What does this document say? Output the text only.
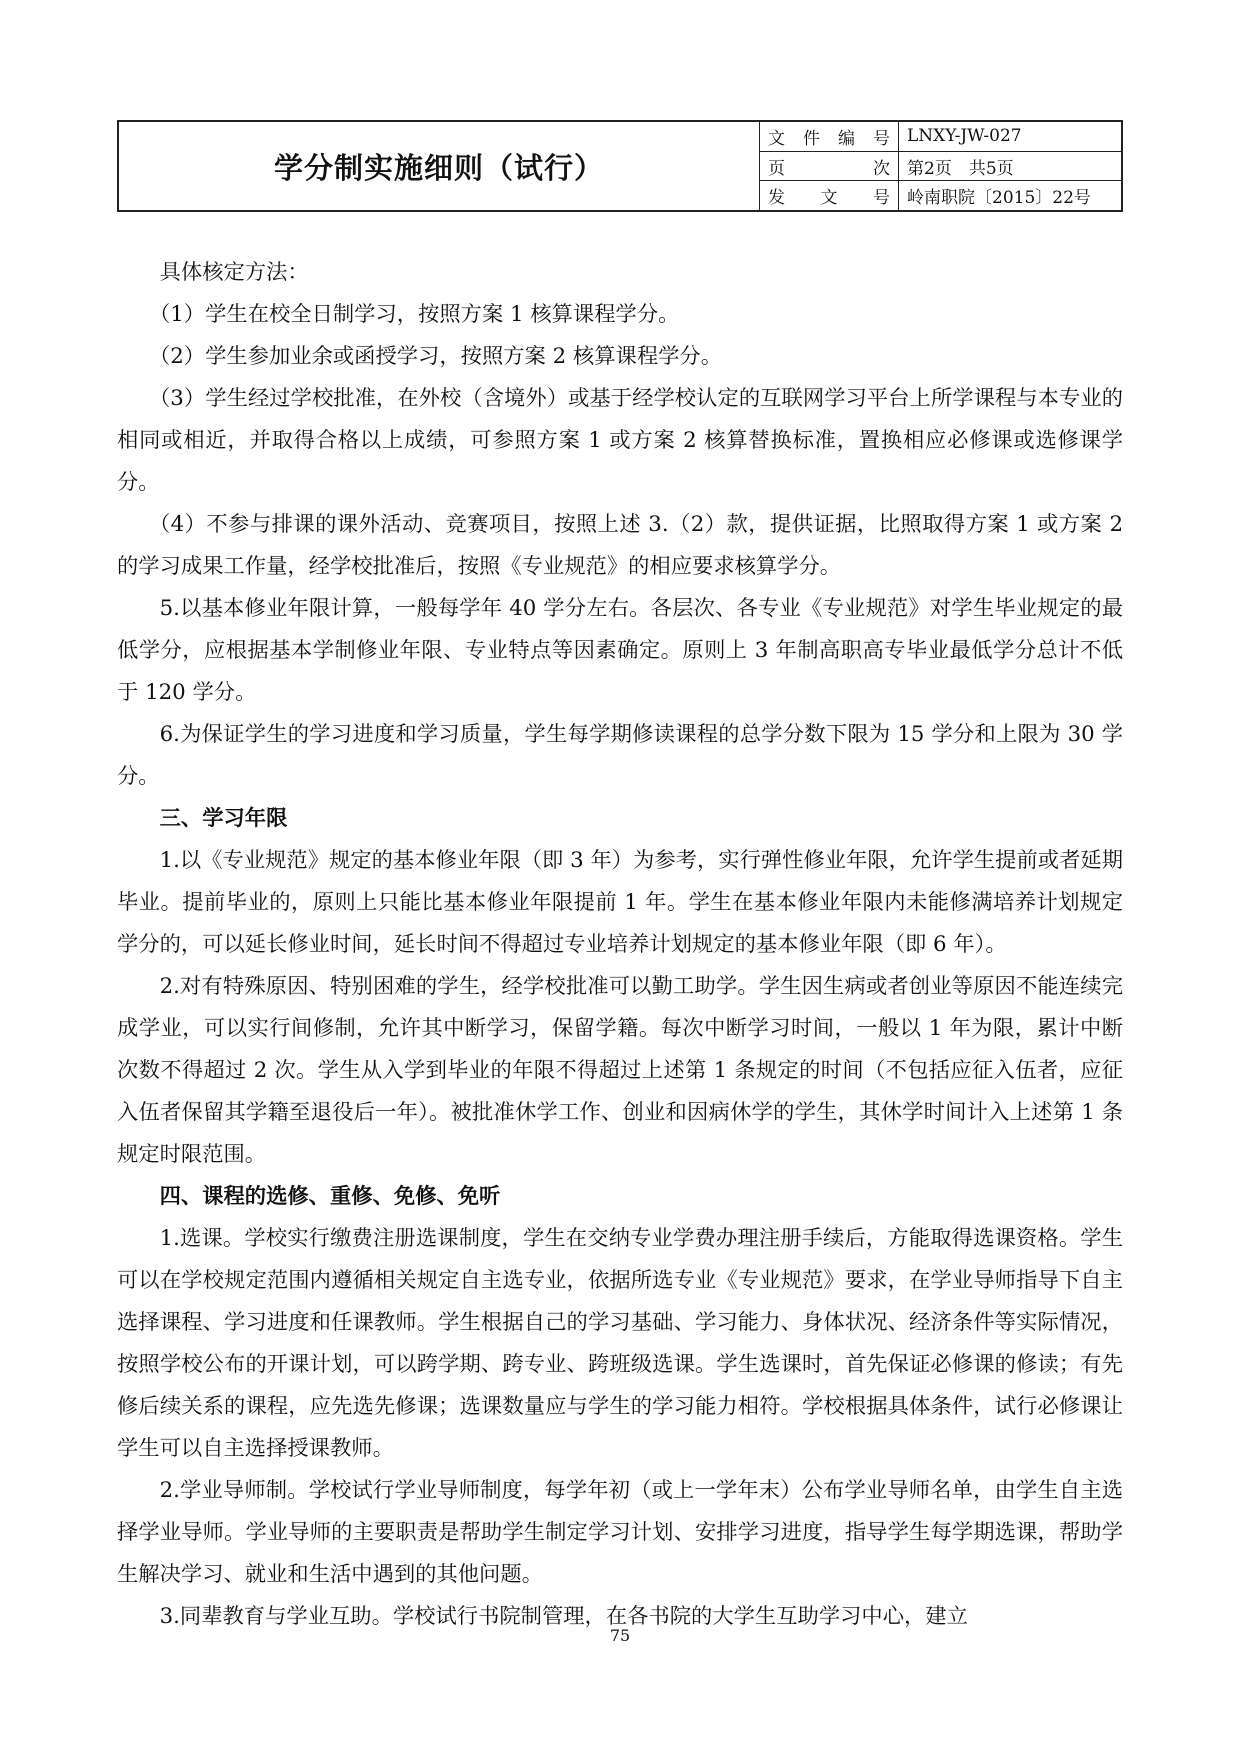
学分制实施细则（试行）
文 件 编 号	LNXY-JW-027
页	次	第2页　共5页
发 文 号	岭南职院〔2015〕22号

具体核定方法：

（1）学生在校全日制学习，按照方案 1 核算课程学分。

（2）学生参加业余或函授学习，按照方案 2 核算课程学分。

（3）学生经过学校批准，在外校（含境外）或基于经学校认定的互联网学习平台上所学课程与本专业的相同或相近，并取得合格以上成绩，可参照方案 1 或方案 2 核算替换标准，置换相应必修课或选修课学分。

（4）不参与排课的课外活动、竞赛项目，按照上述 3.（2）款，提供证据，比照取得方案 1 或方案 2 的学习成果工作量，经学校批准后，按照《专业规范》的相应要求核算学分。

5.以基本修业年限计算，一般每学年 40 学分左右。各层次、各专业《专业规范》对学生毕业规定的最低学分，应根据基本学制修业年限、专业特点等因素确定。原则上 3 年制高职高专毕业最低学分总计不低于 120 学分。

6.为保证学生的学习进度和学习质量，学生每学期修读课程的总学分数下限为 15 学分和上限为 30 学分。

三、学习年限

1.以《专业规范》规定的基本修业年限（即 3 年）为参考，实行弹性修业年限，允许学生提前或者延期毕业。提前毕业的，原则上只能比基本修业年限提前 1 年。学生在基本修业年限内未能修满培养计划规定学分的，可以延长修业时间，延长时间不得超过专业培养计划规定的基本修业年限（即 6 年）。

2.对有特殊原因、特别困难的学生，经学校批准可以勤工助学。学生因生病或者创业等原因不能连续完成学业，可以实行间修制，允许其中断学习，保留学籍。每次中断学习时间，一般以 1 年为限，累计中断次数不得超过 2 次。学生从入学到毕业的年限不得超过上述第 1 条规定的时间（不包括应征入伍者，应征入伍者保留其学籍至退役后一年）。被批准休学工作、创业和因病休学的学生，其休学时间计入上述第 1 条规定时限范围。

四、课程的选修、重修、免修、免听

1.选课。学校实行缴费注册选课制度，学生在交纳专业学费办理注册手续后，方能取得选课资格。学生可以在学校规定范围内遵循相关规定自主选专业，依据所选专业《专业规范》要求，在学业导师指导下自主选择课程、学习进度和任课教师。学生根据自己的学习基础、学习能力、身体状况、经济条件等实际情况，按照学校公布的开课计划，可以跨学期、跨专业、跨班级选课。学生选课时，首先保证必修课的修读；有先修后续关系的课程，应先选先修课；选课数量应与学生的学习能力相符。学校根据具体条件，试行必修课让学生可以自主选择授课教师。

2.学业导师制。学校试行学业导师制度，每学年初（或上一学年末）公布学业导师名单，由学生自主选择学业导师。学业导师的主要职责是帮助学生制定学习计划、安排学习进度，指导学生每学期选课，帮助学生解决学习、就业和生活中遇到的其他问题。

3.同辈教育与学业互助。学校试行书院制管理，在各书院的大学生互助学习中心，建立

75
